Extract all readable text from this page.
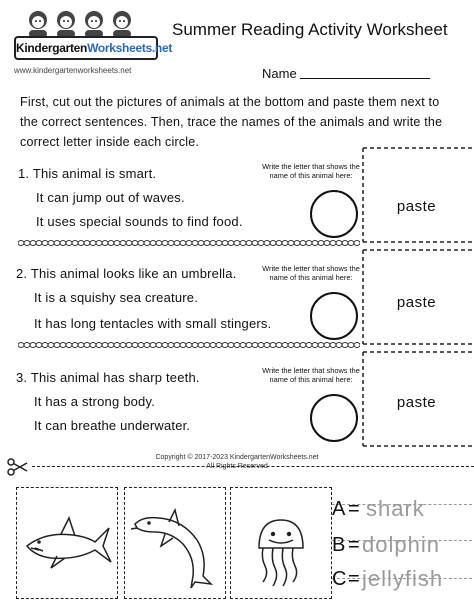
KindergartenWorksheets.net
www.kindergartenworksheets.net
Summer Reading Activity Worksheet
Name
First, cut out the pictures of animals at the bottom and paste them next to the correct sentences. Then, trace the names of the animals and write the correct letter inside each circle.
1. This animal is smart.
It can jump out of waves.
It uses special sounds to find food.
Write the letter that shows the name of this animal here:
paste
2. This animal looks like an umbrella.
It is a squishy sea creature.
It has long tentacles with small stingers.
Write the letter that shows the name of this animal here:
paste
3. This animal has sharp teeth.
It has a strong body.
It can breathe underwater.
Write the letter that shows the name of this animal here:
paste
Copyright © 2017-2023 KindergartenWorksheets.net
All Rights Reserved
A = shark
B = dolphin
C = jellyfish
